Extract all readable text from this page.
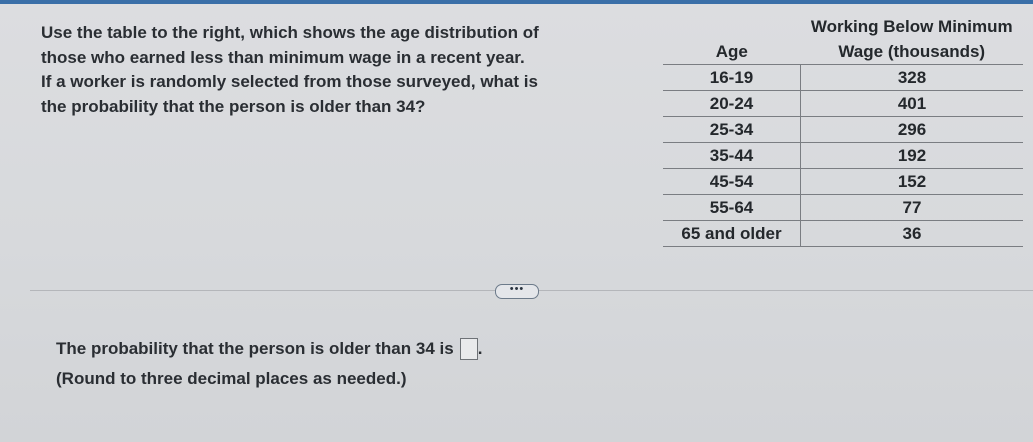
Use the table to the right, which shows the age distribution of
those who earned less than minimum wage in a recent year.
If a worker is randomly selected from those surveyed, what is
the probability that the person is older than 34?
	Working Below Minimum
Age	Wage (thousands)
16-19	328
20-24	401
25-34	296
35-44	192
45-54	152
55-64	77
65 and older	36
•••
The probability that the person is older than 34 is .
(Round to three decimal places as needed.)
